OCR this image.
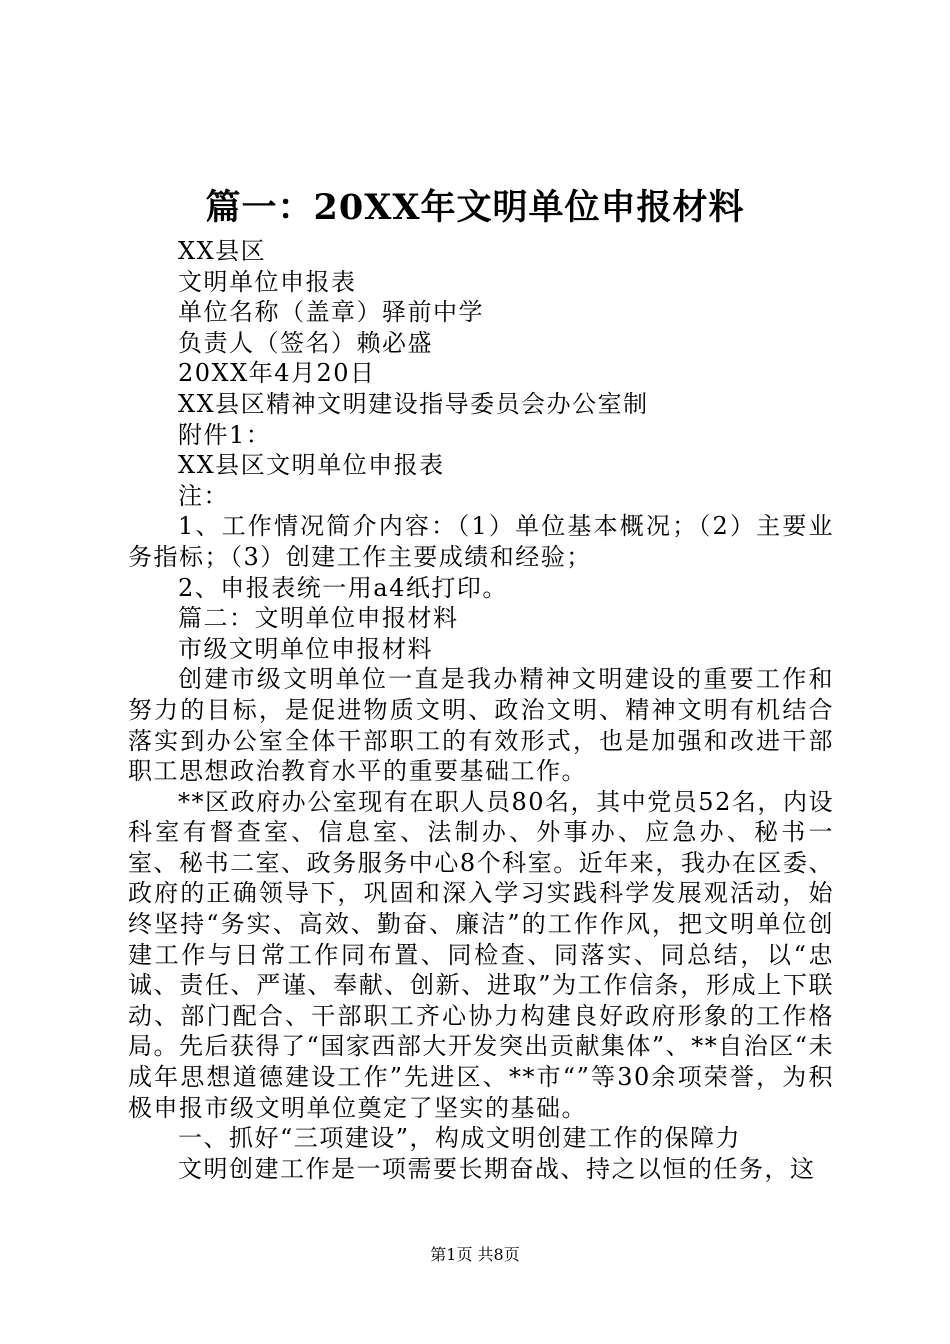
篇一：20XX年文明单位申报材料

XX县区

文明单位申报表

单位名称（盖章）驿前中学

负责人（签名）赖必盛

20XX年4月20日

XX县区精神文明建设指导委员会办公室制

附件1：

XX县区文明单位申报表

注：

1、工作情况简介内容：（1）单位基本概况；（2）主要业务指标；（3）创建工作主要成绩和经验；

2、申报表统一用a4纸打印。

篇二：文明单位申报材料

市级文明单位申报材料

创建市级文明单位一直是我办精神文明建设的重要工作和努力的目标，是促进物质文明、政治文明、精神文明有机结合落实到办公室全体干部职工的有效形式，也是加强和改进干部职工思想政治教育水平的重要基础工作。

**区政府办公室现有在职人员80名，其中党员52名，内设科室有督查室、信息室、法制办、外事办、应急办、秘书一室、秘书二室、政务服务中心8个科室。近年来，我办在区委、政府的正确领导下，巩固和深入学习实践科学发展观活动，始终坚持“务实、高效、勤奋、廉洁”的工作作风，把文明单位创建工作与日常工作同布置、同检查、同落实、同总结，以“忠诚、责任、严谨、奉献、创新、进取”为工作信条，形成上下联动、部门配合、干部职工齐心协力构建良好政府形象的工作格局。先后获得了“国家西部大开发突出贡献集体”、**自治区“未成年思想道德建设工作”先进区、**市“”等30余项荣誉，为积极申报市级文明单位奠定了坚实的基础。

一、抓好“三项建设”，构成文明创建工作的保障力

文明创建工作是一项需要长期奋战、持之以恒的任务，这

第1页 共8页
